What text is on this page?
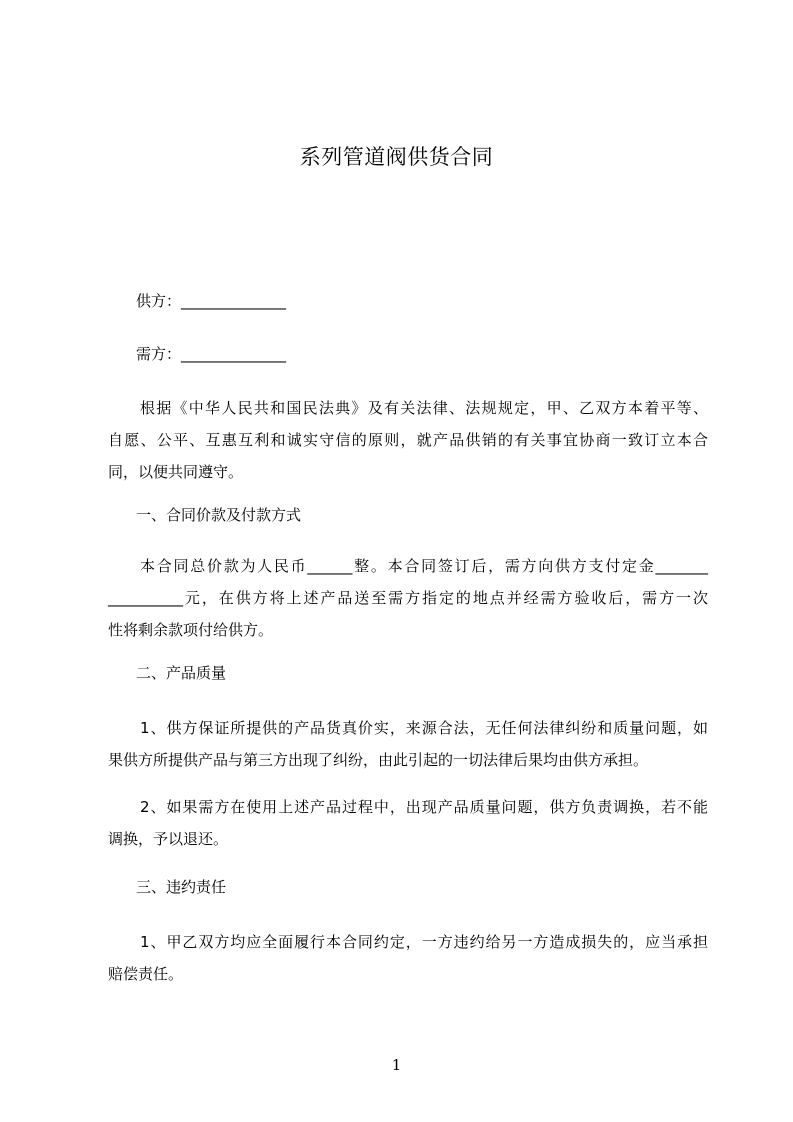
系列管道阀供货合同
供方：______________
需方：______________
根据《中华人民共和国民法典》及有关法律、法规规定，甲、乙双方本着平等、
自愿、公平、互惠互利和诚实守信的原则，就产品供销的有关事宜协商一致订立本合
同，以便共同遵守。
一、合同价款及付款方式
本合同总价款为人民币______整。本合同签订后，需方向供方支付定金_______
__________元，在供方将上述产品送至需方指定的地点并经需方验收后，需方一次
性将剩余款项付给供方。
二、产品质量
1、供方保证所提供的产品货真价实，来源合法，无任何法律纠纷和质量问题，如
果供方所提供产品与第三方出现了纠纷，由此引起的一切法律后果均由供方承担。
2、如果需方在使用上述产品过程中，出现产品质量问题，供方负责调换，若不能
调换，予以退还。
三、违约责任
1、甲乙双方均应全面履行本合同约定，一方违约给另一方造成损失的，应当承担
赔偿责任。
1
